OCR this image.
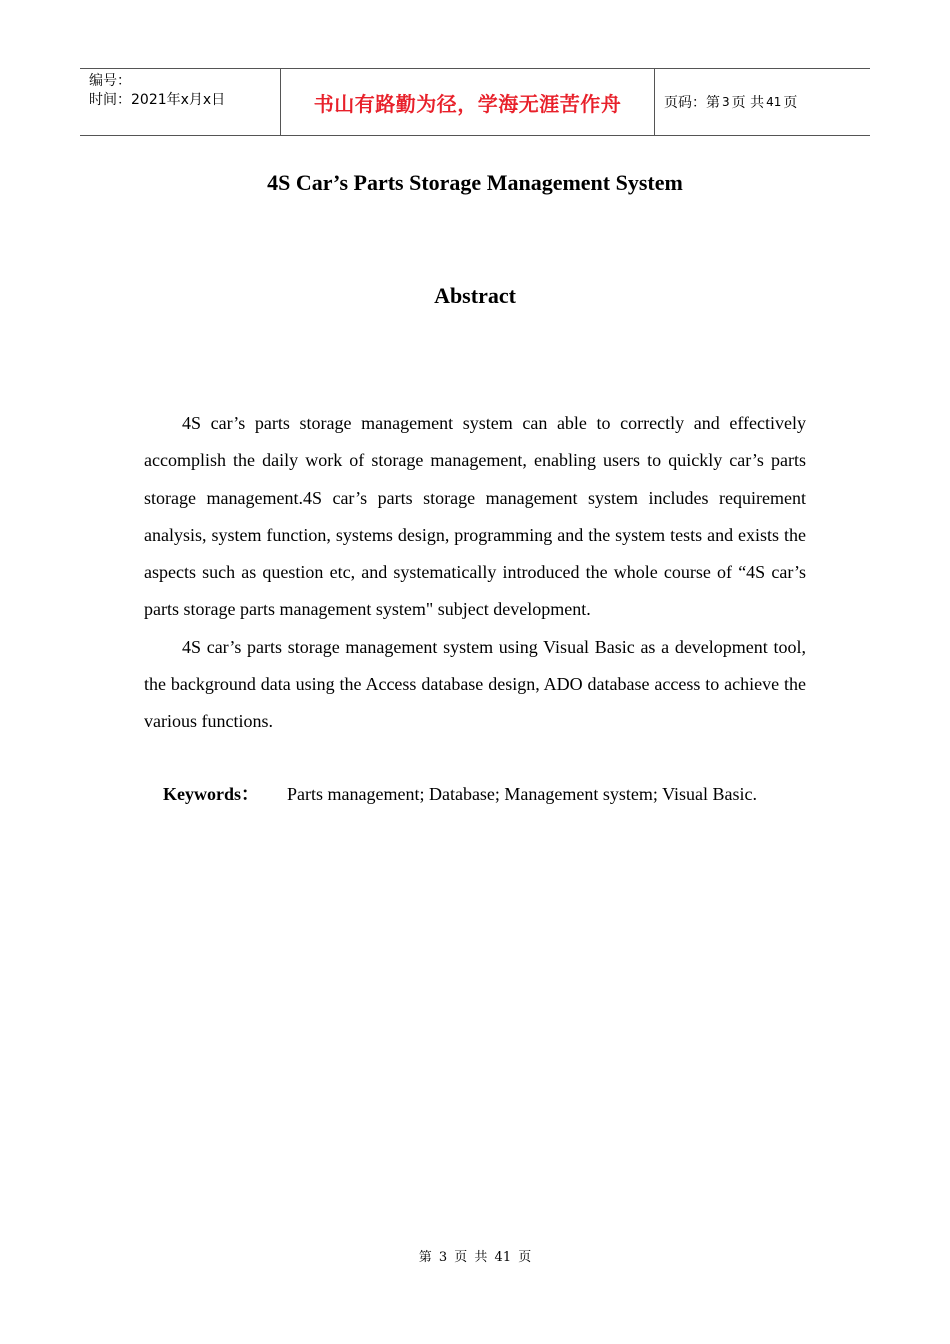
编号：
时间：2021年x月x日	书山有路勤为径，学海无涯苦作舟	页码：第 3 页 共 41 页
4S Car’s Parts Storage Management System
Abstract

4S car’s parts storage management system can able to correctly and effectively accomplish the daily work of storage management, enabling users to quickly car’s parts storage management.4S car’s parts storage management system includes requirement analysis, system function, systems design, programming and the system tests and exists the aspects such as question etc, and systematically introduced the whole course of “4S car’s parts storage parts management system" subject development.

4S car’s parts storage management system using Visual Basic as a development tool, the background data using the Access database design, ADO database access to achieve the various functions.

Keywords： Parts management; Database; Management system; Visual Basic.
第 3 页 共 41 页
